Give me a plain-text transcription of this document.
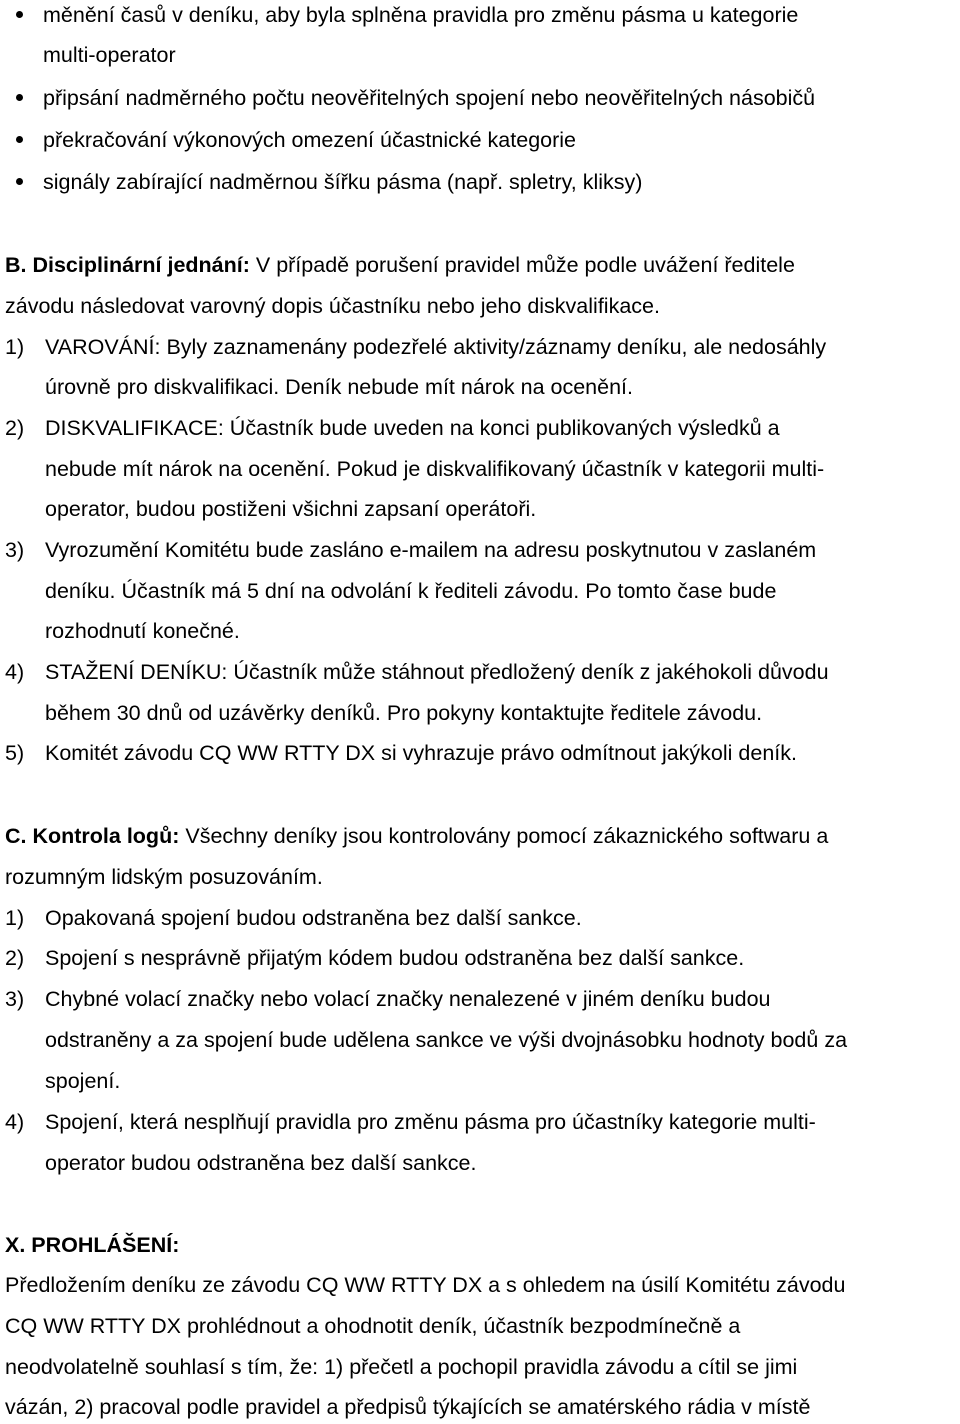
měnění časů v deníku, aby byla splněna pravidla pro změnu pásma u kategorie
multi-operator
připsání nadměrného počtu neověřitelných spojení nebo neověřitelných násobičů
překračování výkonových omezení účastnické kategorie
signály zabírající nadměrnou šířku pásma (např. spletry, kliksy)
B. Disciplinární jednání: V případě porušení pravidel může podle uvážení ředitele
závodu následovat varovný dopis účastníku nebo jeho diskvalifikace.
1) VAROVÁNÍ: Byly zaznamenány podezřelé aktivity/záznamy deníku, ale nedosáhly
úrovně pro diskvalifikaci. Deník nebude mít nárok na ocenění.
2) DISKVALIFIKACE: Účastník bude uveden na konci publikovaných výsledků a
nebude mít nárok na ocenění. Pokud je diskvalifikovaný účastník v kategorii multi-
operator, budou postiženi všichni zapsaní operátoři.
3) Vyrozumění Komitétu bude zasláno e-mailem na adresu poskytnutou v zaslaném
deníku. Účastník má 5 dní na odvolání k řediteli závodu. Po tomto čase bude
rozhodnutí konečné.
4) STAŽENÍ DENÍKU: Účastník může stáhnout předložený deník z jakéhokoli důvodu
během 30 dnů od uzávěrky deníků. Pro pokyny kontaktujte ředitele závodu.
5) Komitét závodu CQ WW RTTY DX si vyhrazuje právo odmítnout jakýkoli deník.
C. Kontrola logů: Všechny deníky jsou kontrolovány pomocí zákaznického softwaru a
rozumným lidským posuzováním.
1) Opakovaná spojení budou odstraněna bez další sankce.
2) Spojení s nesprávně přijatým kódem budou odstraněna bez další sankce.
3) Chybné volací značky nebo volací značky nenalezené v jiném deníku budou
odstraněny a za spojení bude udělena sankce ve výši dvojnásobku hodnoty bodů za
spojení.
4) Spojení, která nesplňují pravidla pro změnu pásma pro účastníky kategorie multi-
operator budou odstraněna bez další sankce.
X. PROHLÁŠENÍ:
Předložením deníku ze závodu CQ WW RTTY DX a s ohledem na úsilí Komitétu závodu
CQ WW RTTY DX prohlédnout a ohodnotit deník, účastník bezpodmínečně a
neodvolatelně souhlasí s tím, že: 1) přečetl a pochopil pravidla závodu a cítil se jimi
vázán, 2) pracoval podle pravidel a předpisů týkajících se amatérského rádia v místě
